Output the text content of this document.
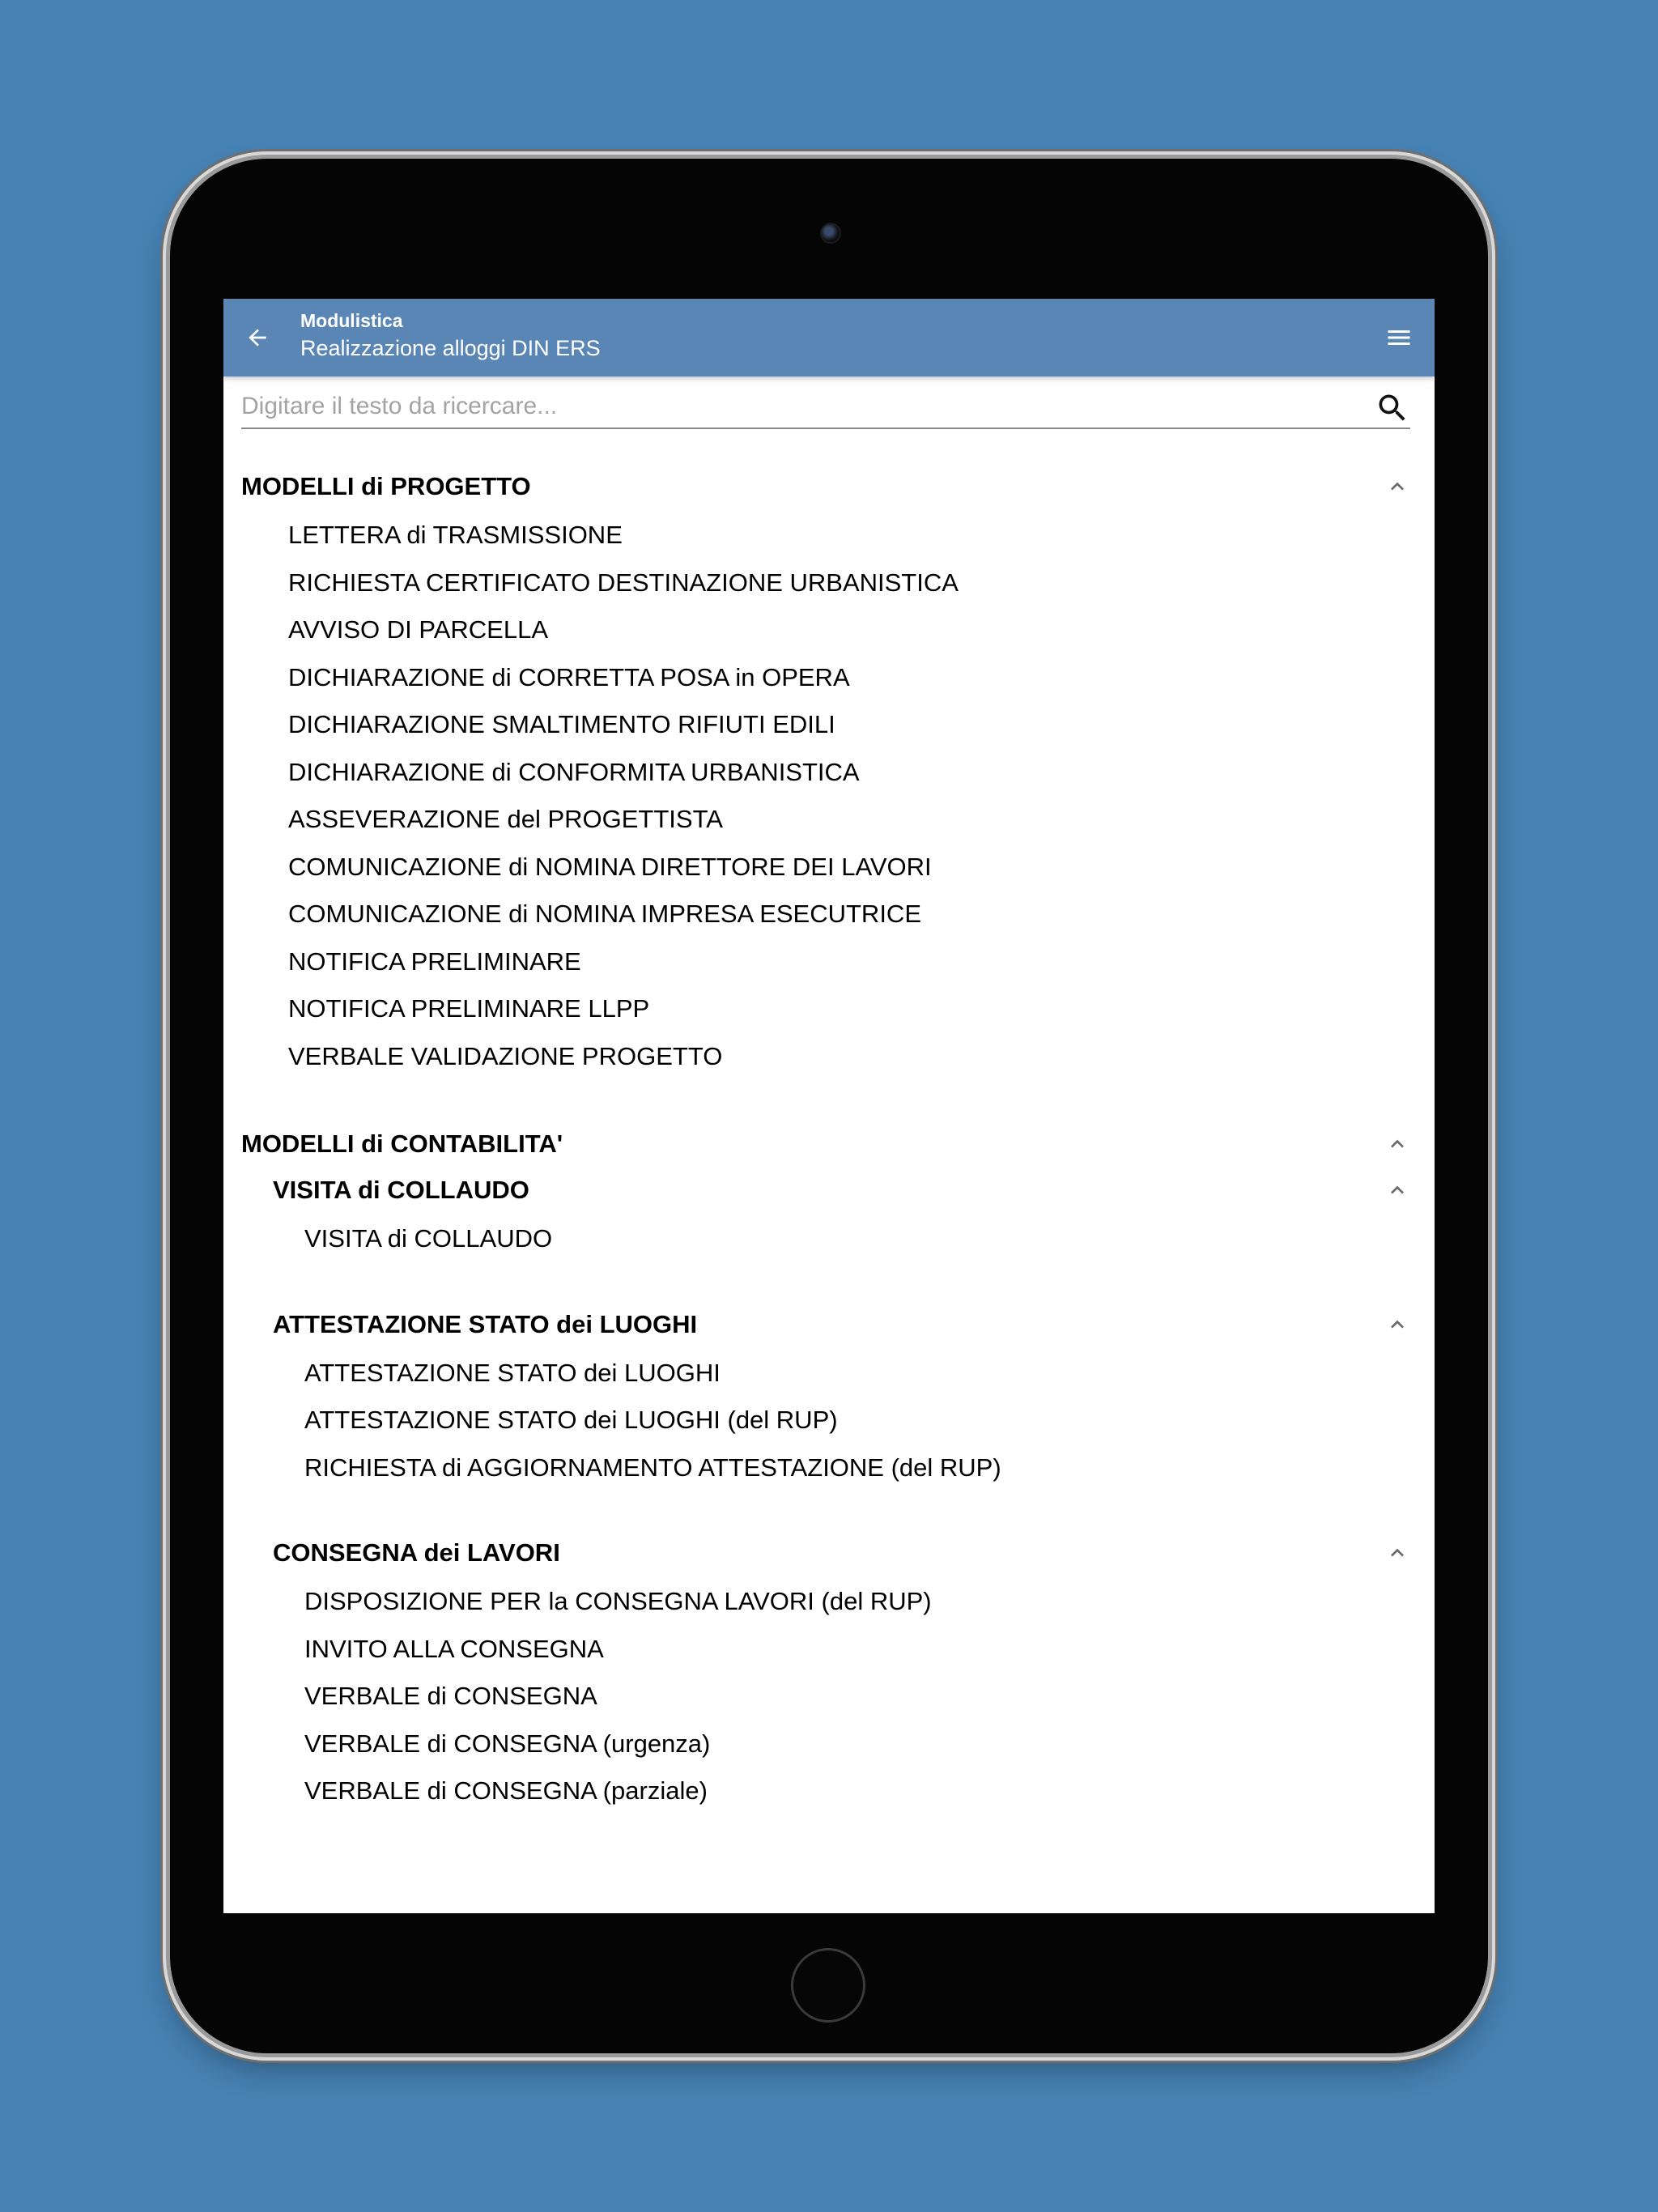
Modulistica
Realizzazione alloggi DIN ERS
Digitare il testo da ricercare...
MODELLI di PROGETTO
LETTERA di TRASMISSIONE
RICHIESTA CERTIFICATO DESTINAZIONE URBANISTICA
AVVISO DI PARCELLA
DICHIARAZIONE di CORRETTA POSA in OPERA
DICHIARAZIONE SMALTIMENTO RIFIUTI EDILI
DICHIARAZIONE di CONFORMITA URBANISTICA
ASSEVERAZIONE del PROGETTISTA
COMUNICAZIONE di NOMINA DIRETTORE DEI LAVORI
COMUNICAZIONE di NOMINA IMPRESA ESECUTRICE
NOTIFICA PRELIMINARE
NOTIFICA PRELIMINARE LLPP
VERBALE VALIDAZIONE PROGETTO
MODELLI di CONTABILITA'
VISITA di COLLAUDO
VISITA di COLLAUDO
ATTESTAZIONE STATO dei LUOGHI
ATTESTAZIONE STATO dei LUOGHI
ATTESTAZIONE STATO dei LUOGHI (del RUP)
RICHIESTA di AGGIORNAMENTO ATTESTAZIONE (del RUP)
CONSEGNA dei LAVORI
DISPOSIZIONE PER la CONSEGNA LAVORI (del RUP)
INVITO ALLA CONSEGNA
VERBALE di CONSEGNA
VERBALE di CONSEGNA (urgenza)
VERBALE di CONSEGNA (parziale)
